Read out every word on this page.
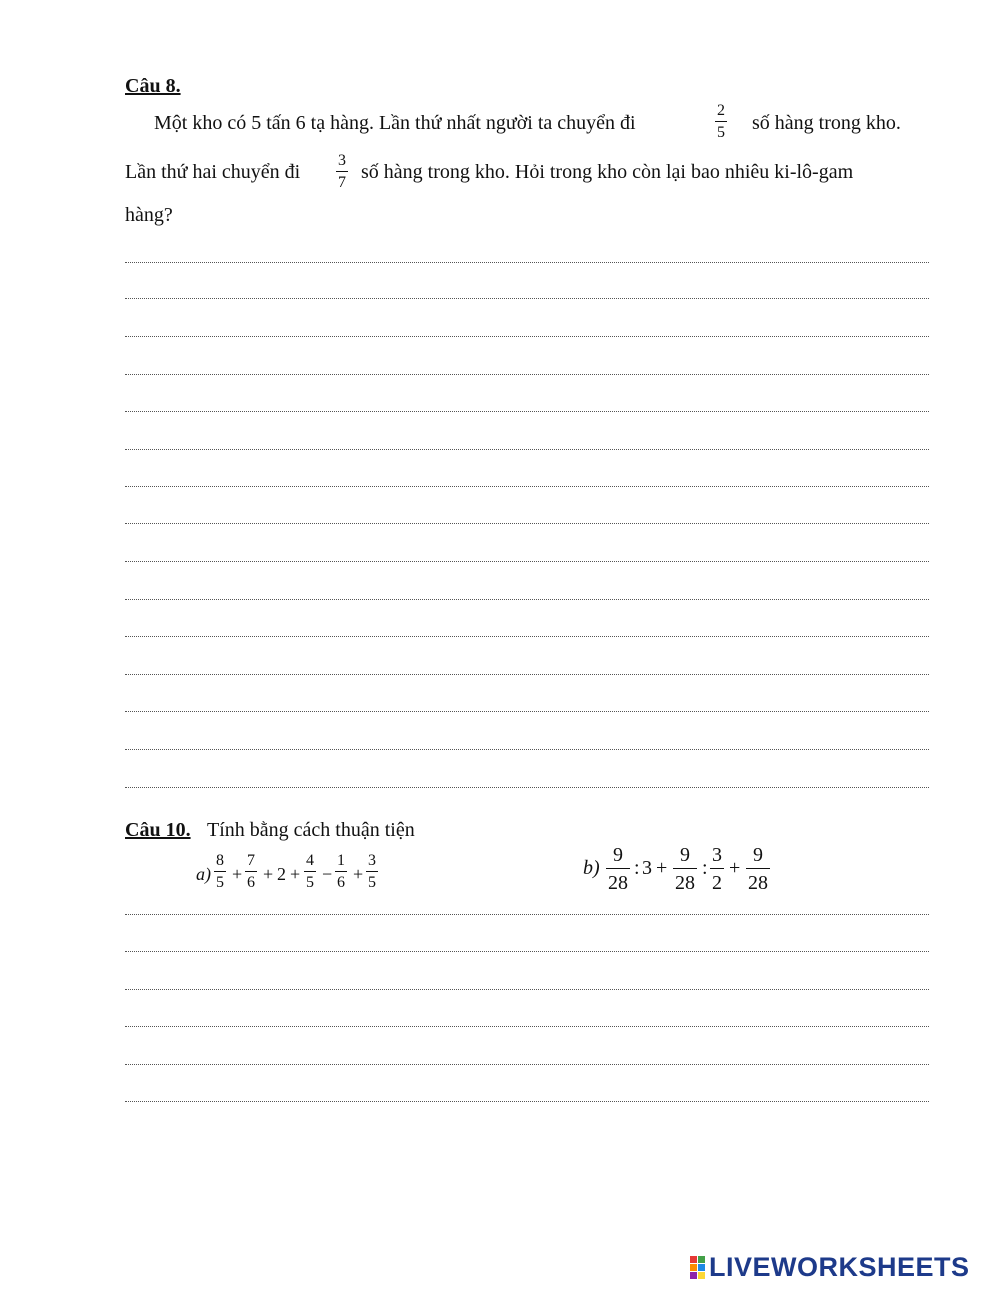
Câu 8.
Một kho có 5 tấn 6 tạ hàng. Lần thứ nhất người ta chuyển đi
2
5 số hàng trong kho.
Lần thứ hai chuyển đi
3
7 số hàng trong kho. Hỏi trong kho còn lại bao nhiêu ki-lô-gam
hàng?
Câu 10. Tính bằng cách thuận tiện
a)
8
5 +
7
6 + 2 +
4
5 −
1
6 +
3
5
b)
9
28
: 3 +
9
28
:
3
2
+
9
28
LIVEWORKSHEETS
